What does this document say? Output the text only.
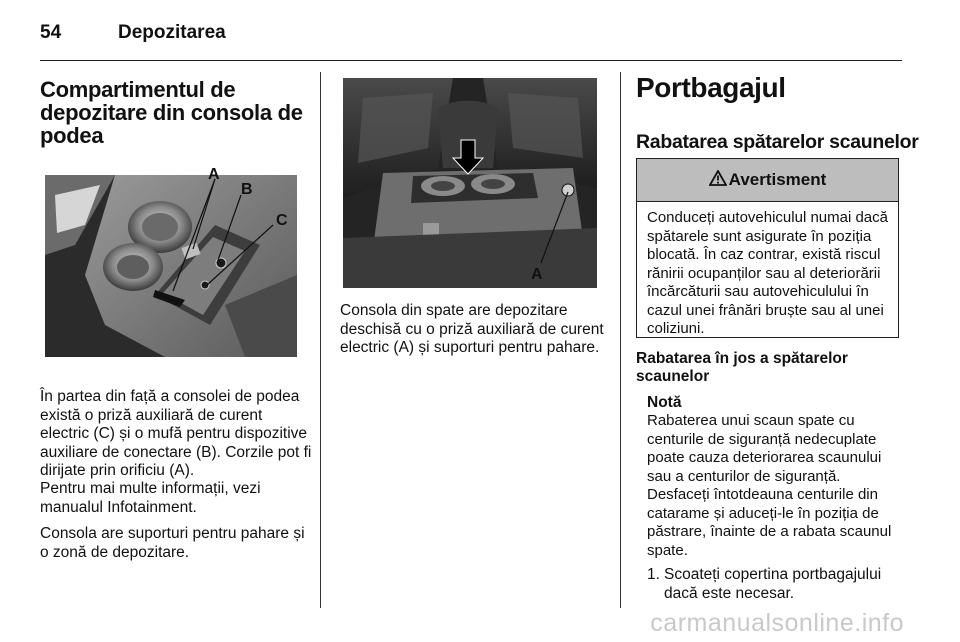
54	Depozitarea
Compartimentul de depozitare din consola de podea
A
B
C
În partea din față a consolei de podea există o priză auxiliară de curent electric (C) și o mufă pentru dispozitive auxiliare de conectare (B). Corzile pot fi dirijate prin orificiu (A).
Pentru mai multe informații, vezi manualul Infotainment.
Consola are suporturi pentru pahare și o zonă de depozitare.
A
Consola din spate are depozitare deschisă cu o priză auxiliară de curent electric (A) și suporturi pentru pahare.
Portbagajul
Rabatarea spătarelor scaunelor
Avertisment
Conduceți autovehiculul numai dacă spătarele sunt asigurate în poziția blocată. În caz contrar, există riscul rănirii ocupanților sau al deteriorării încărcăturii sau autovehiculului în cazul unei frânări bruște sau al unei coliziuni.
Rabatarea în jos a spătarelor scaunelor
Notă
Rabaterea unui scaun spate cu centurile de siguranță nedecuplate poate cauza deteriorarea scaunului sau a centurilor de siguranță. Desfaceți întotdeauna centurile din catarame și aduceți-le în poziția de păstrare, înainte de a rabata scaunul spate.
1. Scoateți copertina portbagajului dacă este necesar.
carmanualsonline.info
